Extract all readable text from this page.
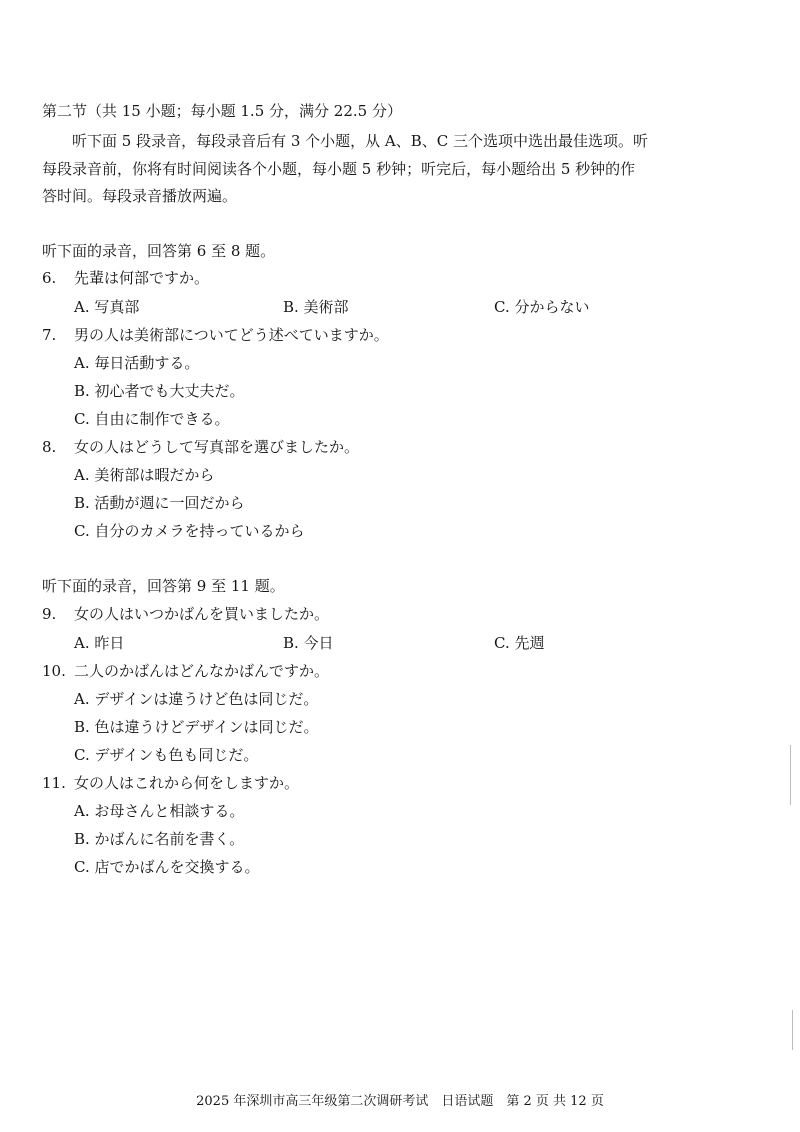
第二节（共 15 小题；每小题 1.5 分，满分 22.5 分）
听下面 5 段录音，每段录音后有 3 个小题，从 A、B、C 三个选项中选出最佳选项。听
每段录音前，你将有时间阅读各个小题，每小题 5 秒钟；听完后，每小题给出 5 秒钟的作
答时间。每段录音播放两遍。
听下面的录音，回答第 6 至 8 题。
6. 先輩は何部ですか。
A. 写真部	B. 美術部	C. 分からない
7. 男の人は美術部についてどう述べていますか。
A. 毎日活動する。
B. 初心者でも大丈夫だ。
C. 自由に制作できる。
8. 女の人はどうして写真部を選びましたか。
A. 美術部は暇だから
B. 活動が週に一回だから
C. 自分のカメラを持っているから
听下面的录音，回答第 9 至 11 题。
9. 女の人はいつかばんを買いましたか。
A. 昨日	B. 今日	C. 先週
10. 二人のかばんはどんなかばんですか。
A. デザインは違うけど色は同じだ。
B. 色は違うけどデザインは同じだ。
C. デザインも色も同じだ。
11. 女の人はこれから何をしますか。
A. お母さんと相談する。
B. かばんに名前を書く。
C. 店でかばんを交換する。
2025 年深圳市高三年级第二次调研考试　日语试题　第 2 页 共 12 页
